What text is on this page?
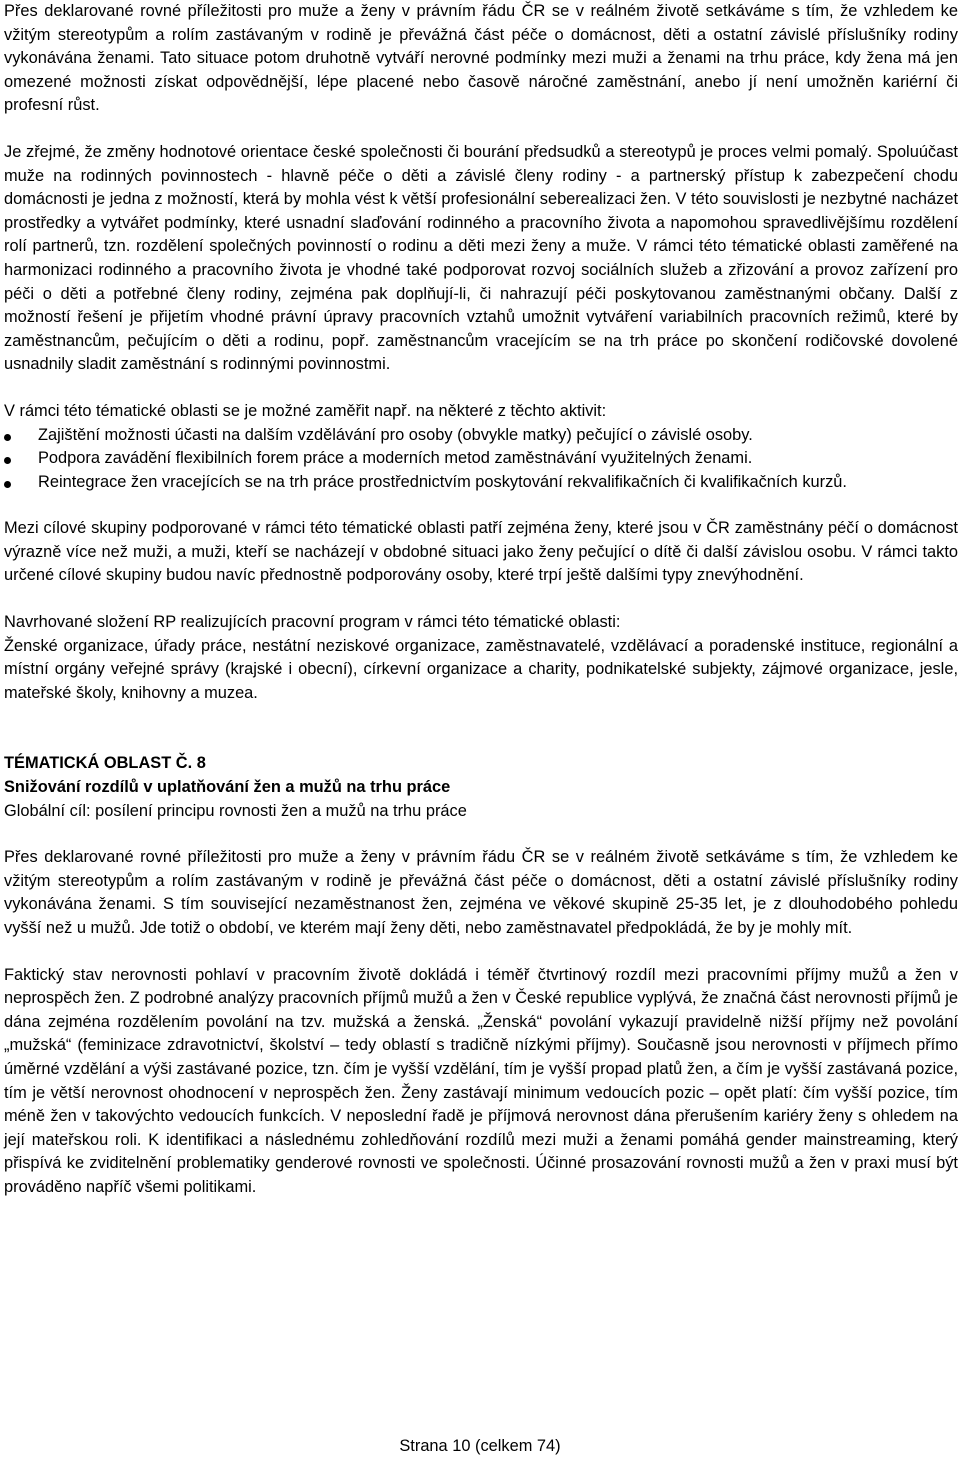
Přes deklarované rovné příležitosti pro muže a ženy v právním řádu ČR se v reálném životě setkáváme s tím, že vzhledem ke vžitým stereotypům a rolím zastávaným v rodině je převážná část péče o domácnost, děti a ostatní závislé příslušníky rodiny vykonávána ženami. Tato situace potom druhotně vytváří nerovné podmínky mezi muži a ženami na trhu práce, kdy žena má jen omezené možnosti získat odpovědnější, lépe placené nebo časově náročné zaměstnání, anebo jí není umožněn kariérní či profesní růst.

Je zřejmé, že změny hodnotové orientace české společnosti či bourání předsudků a stereotypů je proces velmi pomalý. Spoluúčast muže na rodinných povinnostech - hlavně péče o děti a závislé členy rodiny - a partnerský přístup k zabezpečení chodu domácnosti je jedna z možností, která by mohla vést k větší profesionální seberealizaci žen. V této souvislosti je nezbytné nacházet prostředky a vytvářet podmínky, které usnadní slaďování rodinného a pracovního života a napomohou spravedlivějšímu rozdělení rolí partnerů, tzn. rozdělení společných povinností o rodinu a děti mezi ženy a muže. V rámci této tématické oblasti zaměřené na harmonizaci rodinného a pracovního života je vhodné také podporovat rozvoj sociálních služeb a zřizování a provoz zařízení pro péči o děti a potřebné členy rodiny, zejména pak doplňují-li, či nahrazují péči poskytovanou zaměstnanými občany. Další z možností řešení je přijetím vhodné právní úpravy pracovních vztahů umožnit vytváření variabilních pracovních režimů, které by zaměstnancům, pečujícím o děti a rodinu, popř. zaměstnancům vracejícím se na trh práce po skončení rodičovské dovolené usnadnily sladit zaměstnání s rodinnými povinnostmi.

V rámci této tématické oblasti se je možné zaměřit např. na některé z těchto aktivit:

Zajištění možnosti účasti na dalším vzdělávání pro osoby (obvykle matky) pečující o závislé osoby.
Podpora zavádění flexibilních forem práce a moderních metod zaměstnávání využitelných ženami.
Reintegrace žen vracejících se na trh práce prostřednictvím poskytování rekvalifikačních či kvalifikačních kurzů.

Mezi cílové skupiny podporované v rámci této tématické oblasti patří zejména ženy, které jsou v ČR zaměstnány péčí o domácnost výrazně více než muži, a muži, kteří se nacházejí v obdobné situaci jako ženy pečující o dítě či další závislou osobu. V rámci takto určené cílové skupiny budou navíc přednostně podporovány osoby, které trpí ještě dalšími typy znevýhodnění.

Navrhované složení RP realizujících pracovní program v rámci této tématické oblasti:

Ženské organizace, úřady práce, nestátní neziskové organizace, zaměstnavatelé, vzdělávací a poradenské instituce, regionální a místní orgány veřejné správy (krajské i obecní), církevní organizace a charity, podnikatelské subjekty, zájmové organizace, jesle, mateřské školy, knihovny a muzea.

TÉMATICKÁ OBLAST Č. 8

Snižování rozdílů v uplatňování žen a mužů na trhu práce

Globální cíl: posílení principu rovnosti žen a mužů na trhu práce

Přes deklarované rovné příležitosti pro muže a ženy v právním řádu ČR se v reálném životě setkáváme s tím, že vzhledem ke vžitým stereotypům a rolím zastávaným v rodině je převážná část péče o domácnost, děti a ostatní závislé příslušníky rodiny vykonávána ženami. S tím související nezaměstnanost žen, zejména ve věkové skupině 25-35 let, je z dlouhodobého pohledu vyšší než u mužů. Jde totiž o období, ve kterém mají ženy děti, nebo zaměstnavatel předpokládá, že by je mohly mít.

Faktický stav nerovnosti pohlaví v pracovním životě dokládá i téměř čtvrtinový rozdíl mezi pracovními příjmy mužů a žen v neprospěch žen. Z podrobné analýzy pracovních příjmů mužů a žen v České republice vyplývá, že značná část nerovnosti příjmů je dána zejména rozdělením povolání na tzv. mužská a ženská. „Ženská“ povolání vykazují pravidelně nižší příjmy než povolání „mužská“ (feminizace zdravotnictví, školství – tedy oblastí s tradičně nízkými příjmy). Současně jsou nerovnosti v příjmech přímo úměrné vzdělání a výši zastávané pozice, tzn. čím je vyšší vzdělání, tím je vyšší propad platů žen, a čím je vyšší zastávaná pozice, tím je větší nerovnost ohodnocení v neprospěch žen. Ženy zastávají minimum vedoucích pozic – opět platí: čím vyšší pozice, tím méně žen v takovýchto vedoucích funkcích. V neposlední řadě je příjmová nerovnost dána přerušením kariéry ženy s ohledem na její mateřskou roli. K identifikaci a následnému zohledňování rozdílů mezi muži a ženami pomáhá gender mainstreaming, který přispívá ke zviditelnění problematiky genderové rovnosti ve společnosti. Účinné prosazování rovnosti mužů a žen v praxi musí být prováděno napříč všemi politikami.

Strana 10 (celkem 74)
